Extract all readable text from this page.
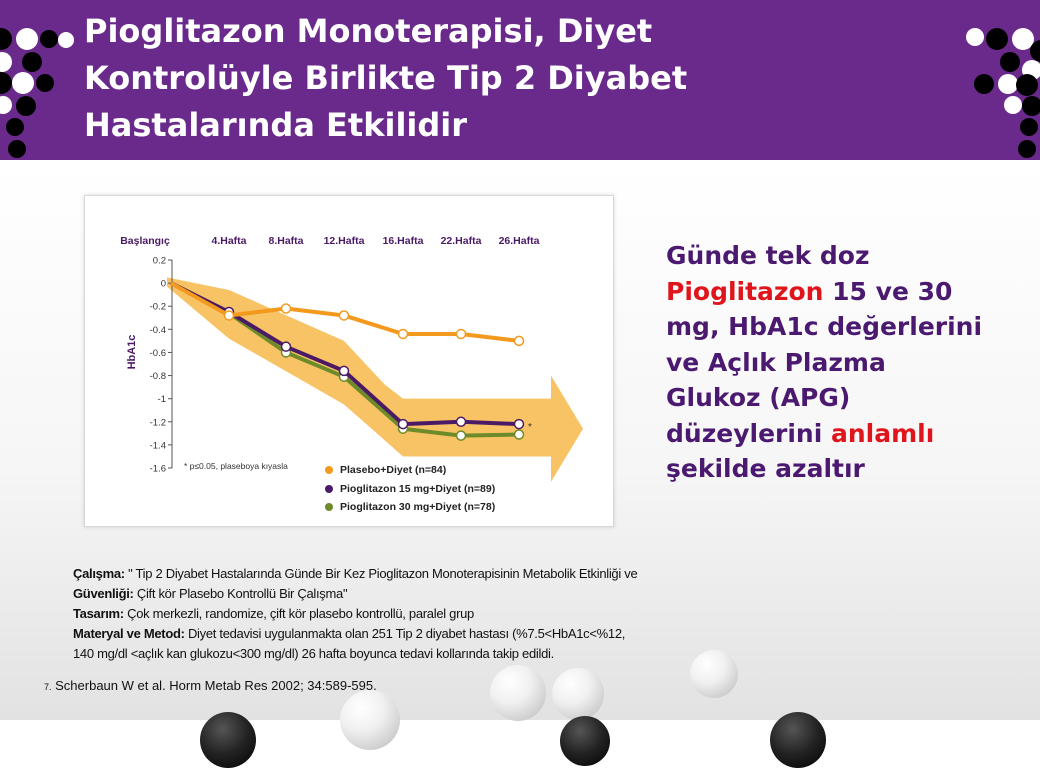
Pioglitazon Monoterapisi, Diyet
Kontrolüyle Birlikte Tip 2 Diyabet
Hastalarında Etkilidir
0.2
0
-0.2
-0.4
-0.6
-0.8
-1
-1.2
-1.4
-1.6
Başlangıç	4.Hafta 8.Hafta 12.Hafta 16.Hafta 22.Hafta 26.Hafta
HbA1c
*
* p≤0.05, plaseboya kıyasla	Plasebo+Diyet (n=84)
Pioglitazon 15 mg+Diyet (n=89)
Pioglitazon 30 mg+Diyet (n=78)
Günde tek doz Pioglitazon 15 ve 30 mg, HbA1c değerlerini ve Açlık Plazma Glukoz (APG) düzeylerini anlamlı şekilde azaltır
Çalışma: " Tip 2 Diyabet Hastalarında Günde Bir Kez Pioglitazon Monoterapisinin Metabolik Etkinliği ve
Güvenliği: Çift kör Plasebo Kontrollü Bir Çalışma"
Tasarım: Çok merkezli, randomize, çift kör plasebo kontrollü, paralel grup
Materyal ve Metod: Diyet tedavisi uygulanmakta olan 251 Tip 2 diyabet hastası (%7.5<HbA1c<%12,
140 mg/dl <açlık kan glukozu<300 mg/dl) 26 hafta boyunca tedavi kollarında takip edildi.
7. Scherbaun W et al. Horm Metab Res 2002; 34:589-595.
